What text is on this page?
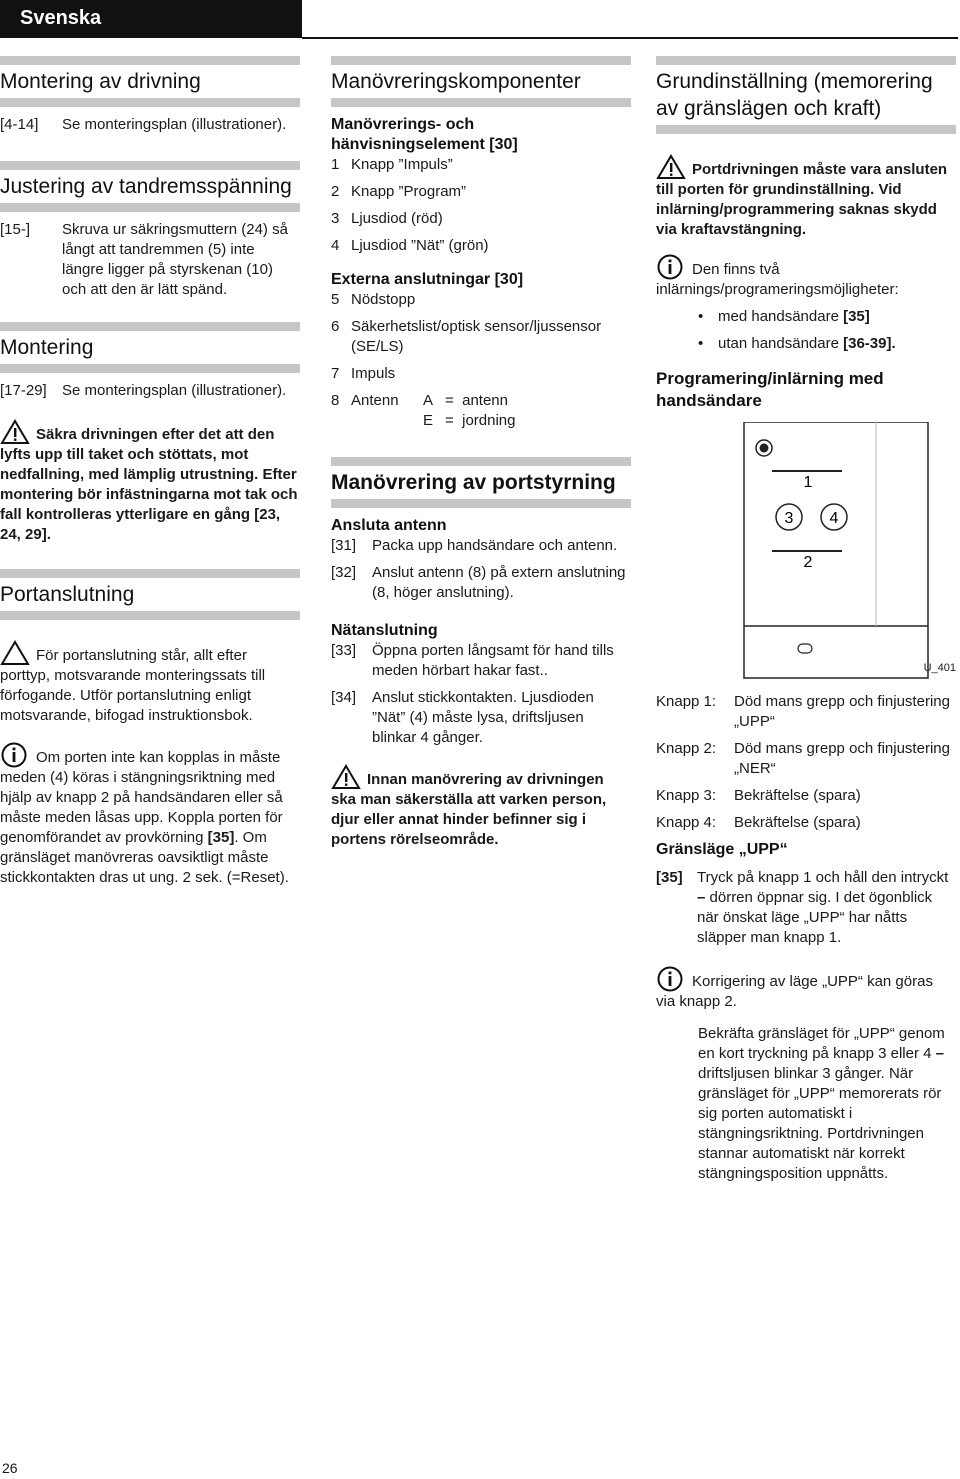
Svenska
Montering av drivning
[4-14]	Se monteringsplan (illustrationer).
Justering av tandremsspänning
[15-]	Skruva ur säkringsmuttern (24) så långt att tandremmen (5) inte längre ligger på styrskenan (10) och att den är lätt spänd.
Montering
[17-29]	Se monteringsplan (illustrationer).

Säkra drivningen efter det att den lyfts upp till taket och stöttats, mot nedfallning, med lämplig utrustning. Efter montering bör infästningarna mot tak och fall kontrolleras ytterligare en gång [23, 24, 29].

Portanslutning

För portanslutning står, allt efter porttyp, motsvarande monteringssats till förfogande. Utför portanslutning enligt motsvarande, bifogad instruktionsbok.

Om porten inte kan kopplas in måste meden (4) köras i stängningsriktning med hjälp av knapp 2 på handsändaren eller så måste meden låsas upp. Koppla porten för genomförandet av provkörning [35]. Om gränsläget manövreras oavsiktligt måste stickkontakten dras ut ung. 2 sek. (=Reset).

Manövreringskomponenter
Manövrerings- och hänvisningselement [30]
1 Knapp ”Impuls”
2 Knapp ”Program”
3 Ljusdiod (röd)
4 Ljusdiod ”Nät” (grön)
Externa anslutningar [30]
5 Nödstopp
6 Säkerhetslist/optisk sensor/ljussensor (SE/LS)
7 Impuls
8 Antenn	A = antenn
E = jordning
Manövrering av portstyrning
Ansluta antenn
[31]	Packa upp handsändare och antenn.
[32]	Anslut antenn (8) på extern anslutning (8, höger anslutning).
Nätanslutning
[33]	Öppna porten långsamt för hand tills meden hörbart hakar fast..
[34]	Anslut stickkontakten. Ljusdioden ”Nät” (4) måste lysa, driftsljusen blinkar 4 gånger.

Innan manövrering av drivningen ska man säkerställa att varken person, djur eller annat hinder befinner sig i portens rörelseområde.

Grundinställning (memorering av gränslägen och kraft)

Portdrivningen måste vara ansluten till porten för grundinställning. Vid inlärning/programmering saknas skydd via kraftavstängning.

Den finns två inlärnings/programeringsmöjligheter:

• med handsändare [35]
• utan handsändare [36-39].
Programering/inlärning med handsändare
1
3 4
2
U_401
Knapp 1:	Död mans grepp och finjustering „UPP“
Knapp 2:	Död mans grepp och finjustering „NER“
Knapp 3:	Bekräftelse (spara)
Knapp 4:	Bekräftelse (spara)
Gränsläge „UPP“
[35] Tryck på knapp 1 och håll den intryckt – dörren öppnar sig. I det ögonblick när önskat läge „UPP“ har nåtts släpper man knapp 1.

Korrigering av läge „UPP“ kan göras via knapp 2.

Bekräfta gränsläget för „UPP“ genom en kort tryckning på knapp 3 eller 4 – driftsljusen blinkar 3 gånger. När gränsläget för „UPP“ memorerats rör sig porten automatiskt i stängningsriktning. Portdrivningen stannar automatiskt när korrekt stängningsposition uppnåtts.

26
